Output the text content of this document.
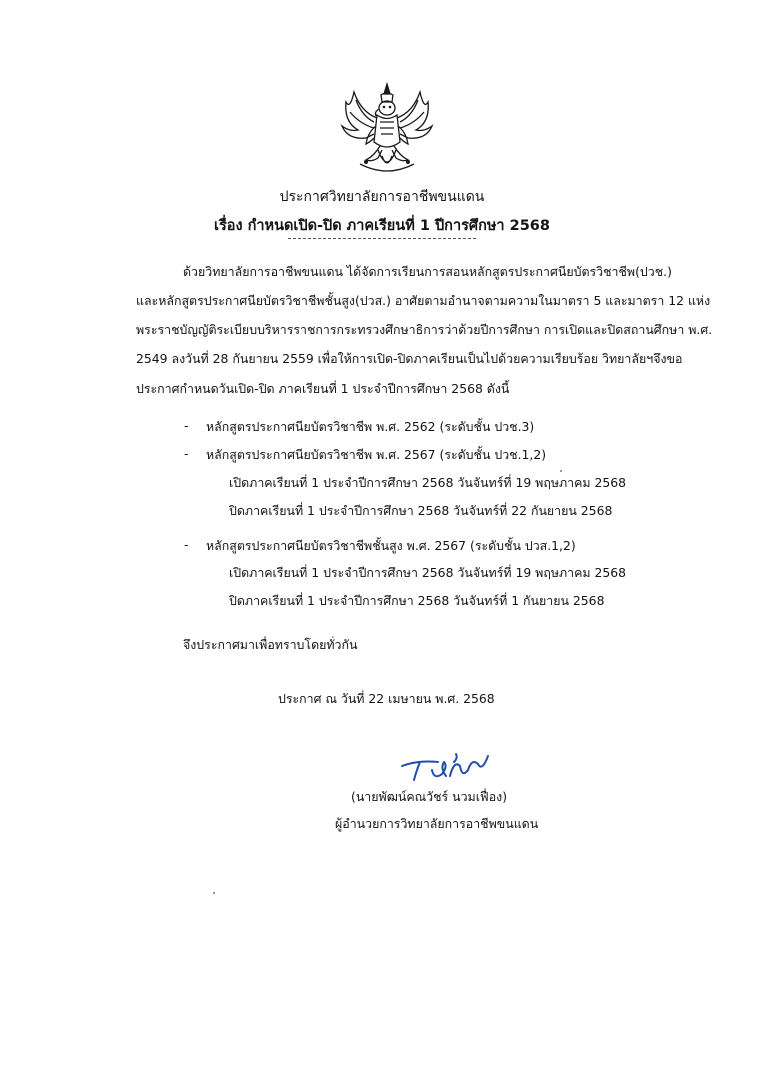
ประกาศวิทยาลัยการอาชีพขนแดน
เรื่อง กำหนดเปิด-ปิด ภาคเรียนที่ 1 ปีการศึกษา 2568
ด้วยวิทยาลัยการอาชีพขนแดน ได้จัดการเรียนการสอนหลักสูตรประกาศนียบัตรวิชาชีพ(ปวช.)
และหลักสูตรประกาศนียบัตรวิชาชีพชั้นสูง(ปวส.) อาศัยตามอำนาจตามความในมาตรา 5 และมาตรา 12 แห่ง
พระราชบัญญัติระเบียบบริหารราชการกระทรวงศึกษาธิการว่าด้วยปีการศึกษา การเปิดและปิดสถานศึกษา พ.ศ.
2549 ลงวันที่ 28 กันยายน 2559 เพื่อให้การเปิด-ปิดภาคเรียนเป็นไปด้วยความเรียบร้อย วิทยาลัยฯจึงขอ
ประกาศกำหนดวันเปิด-ปิด ภาคเรียนที่ 1 ประจำปีการศึกษา 2568 ดังนี้
- หลักสูตรประกาศนียบัตรวิชาชีพ พ.ศ. 2562 (ระดับชั้น ปวช.3)
- หลักสูตรประกาศนียบัตรวิชาชีพ พ.ศ. 2567 (ระดับชั้น ปวช.1,2)
เปิดภาคเรียนที่ 1 ประจำปีการศึกษา 2568 วันจันทร์ที่ 19 พฤษภาคม 2568
ปิดภาคเรียนที่ 1 ประจำปีการศึกษา 2568 วันจันทร์ที่ 22 กันยายน 2568
- หลักสูตรประกาศนียบัตรวิชาชีพชั้นสูง พ.ศ. 2567 (ระดับชั้น ปวส.1,2)
เปิดภาคเรียนที่ 1 ประจำปีการศึกษา 2568 วันจันทร์ที่ 19 พฤษภาคม 2568
ปิดภาคเรียนที่ 1 ประจำปีการศึกษา 2568 วันจันทร์ที่ 1 กันยายน 2568
จึงประกาศมาเพื่อทราบโดยทั่วกัน
ประกาศ ณ วันที่ 22 เมษายน พ.ศ. 2568
(นายพัฒน์คณวัชร์ นวมเฟื่อง)
ผู้อำนวยการวิทยาลัยการอาชีพขนแดน
